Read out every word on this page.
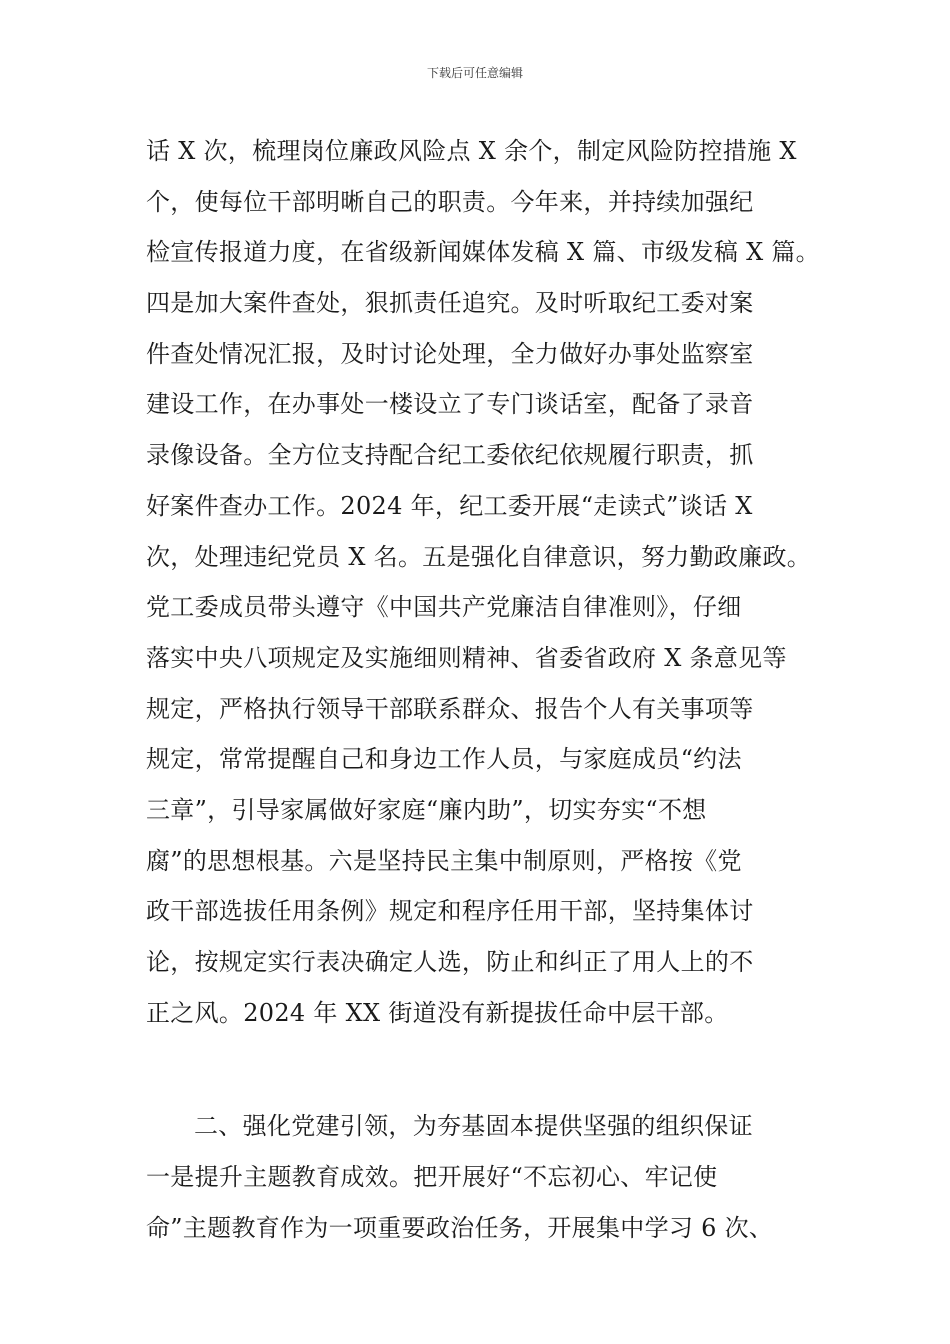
下载后可任意编辑
话 X 次，梳理岗位廉政风险点 X 余个，制定风险防控措施 X
个，使每位干部明晰自己的职责。今年来，并持续加强纪
检宣传报道力度，在省级新闻媒体发稿 X 篇、市级发稿 X 篇。
四是加大案件查处，狠抓责任追究。及时听取纪工委对案
件查处情况汇报，及时讨论处理，全力做好办事处监察室
建设工作，在办事处一楼设立了专门谈话室，配备了录音
录像设备。全方位支持配合纪工委依纪依规履行职责，抓
好案件查办工作。2024 年，纪工委开展“走读式”谈话 X
次，处理违纪党员 X 名。五是强化自律意识，努力勤政廉政。
党工委成员带头遵守《中国共产党廉洁自律准则》，仔细
落实中央八项规定及实施细则精神、省委省政府 X 条意见等
规定，严格执行领导干部联系群众、报告个人有关事项等
规定，常常提醒自己和身边工作人员，与家庭成员“约法
三章”，引导家属做好家庭“廉内助”，切实夯实“不想
腐”的思想根基。六是坚持民主集中制原则，严格按《党
政干部选拔任用条例》规定和程序任用干部，坚持集体讨
论，按规定实行表决确定人选，防止和纠正了用人上的不
正之风。2024 年 XX 街道没有新提拔任命中层干部。
二、强化党建引领，为夯基固本提供坚强的组织保证
一是提升主题教育成效。把开展好“不忘初心、牢记使
命”主题教育作为一项重要政治任务，开展集中学习 6 次、
